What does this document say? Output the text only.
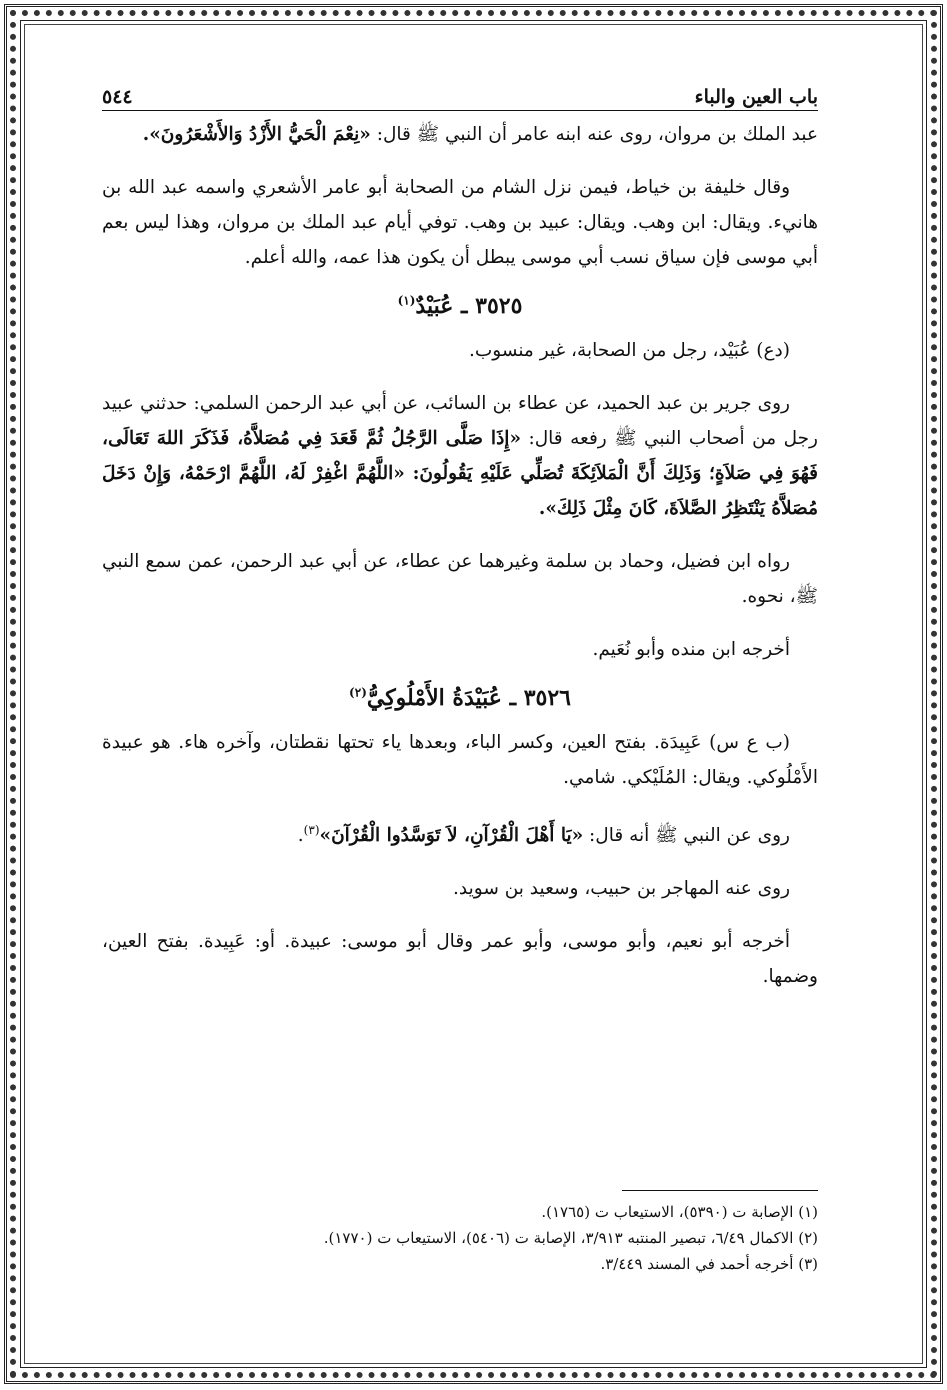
باب العين والباء
٥٤٤

عبد الملك بن مروان، روى عنه ابنه عامر أن النبي ﷺ قال: «نِعْمَ الْحَيُّ الأَزْدُ وَالأَشْعَرُونَ».

وقال خليفة بن خياط، فيمن نزل الشام من الصحابة أبو عامر الأشعري واسمه عبد الله بن هانيء. ويقال: ابن وهب. ويقال: عبيد بن وهب. توفي أيام عبد الملك بن مروان، وهذا ليس بعم أبي موسى فإن سياق نسب أبي موسى يبطل أن يكون هذا عمه، والله أعلم.

٣٥٢٥ ـ عُبَيْدٌ$^{(١)}$

(دع) عُبَيْد، رجل من الصحابة، غير منسوب.

روى جرير بن عبد الحميد، عن عطاء بن السائب، عن أبي عبد الرحمن السلمي: حدثني عبيد رجل من أصحاب النبي ﷺ رفعه قال: «إِذَا صَلَّى الرَّجُلُ ثُمَّ قَعَدَ فِي مُصَلاَّهُ، فَذَكَرَ اللهَ تَعَالَى، فَهُوَ فِي صَلاَةٍ؛ وَذَلِكَ أَنَّ الْمَلاَئِكَةَ تُصَلِّي عَلَيْهِ يَقُولُونَ: «اللَّهُمَّ اغْفِرْ لَهُ، اللَّهُمَّ ارْحَمْهُ، وَإِنْ دَخَلَ مُصَلاَّهُ يَنْتَظِرُ الصَّلاَةَ، كَانَ مِثْلَ ذَلِكَ».

رواه ابن فضيل، وحماد بن سلمة وغيرهما عن عطاء، عن أبي عبد الرحمن، عمن سمع النبي ﷺ، نحوه.

أخرجه ابن منده وأبو نُعَيم.

٣٥٢٦ ـ عُبَيْدَةُ الأَمْلُوكِيُّ$^{(٢)}$

(ب ع س) عَبِيدَة. بفتح العين، وكسر الباء، وبعدها ياء تحتها نقطتان، وآخره هاء. هو عبيدة الأَمْلُوكي. ويقال: المُلَيْكي. شامي.

روى عن النبي ﷺ أنه قال: «يَا أَهْلَ الْقُرْآنِ، لاَ تَوَسَّدُوا الْقُرْآنَ»$^{(٣)}$.

روى عنه المهاجر بن حبيب، وسعيد بن سويد.

أخرجه أبو نعيم، وأبو موسى، وأبو عمر وقال أبو موسى: عبيدة. أو: عَبِيدة. بفتح العين، وضمها.

(١) الإصابة ت (٥٣٩٠)، الاستيعاب ت (١٧٦٥).

(٢) الاكمال ٦/٤٩، تبصير المنتبه ٣/٩١٣، الإصابة ت (٥٤٠٦)، الاستيعاب ت (١٧٧٠).

(٣) أخرجه أحمد في المسند ٣/٤٤٩.
